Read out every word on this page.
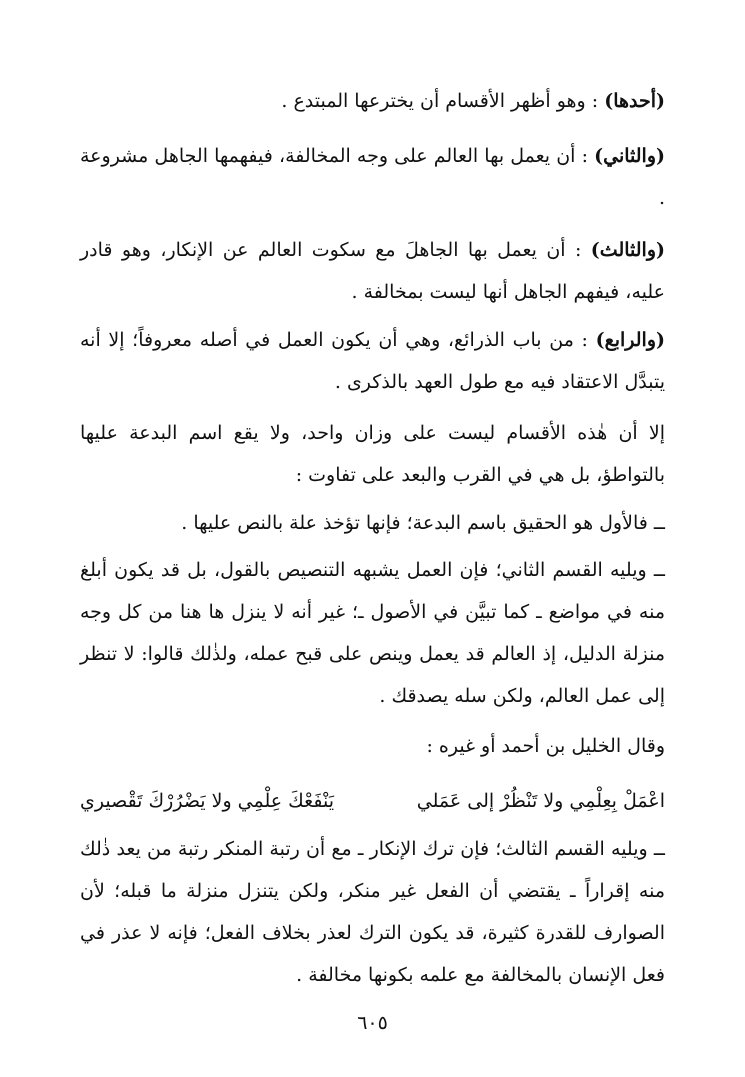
(أحدها) : وهو أظهر الأقسام أن يخترعها المبتدع .

(والثاني) : أن يعمل بها العالم على وجه المخالفة، فيفهمها الجاهل مشروعة .

(والثالث) : أن يعمل بها الجاهلَ مع سكوت العالم عن الإنكار، وهو قادر عليه، فيفهم الجاهل أنها ليست بمخالفة .

(والرابع) : من باب الذرائع، وهي أن يكون العمل في أصله معروفاً؛ إلا أنه يتبدَّل الاعتقاد فيه مع طول العهد بالذكرى .

إلا أن هٰذه الأقسام ليست على وزان واحد، ولا يقع اسم البدعة عليها بالتواطؤ، بل هي في القرب والبعد على تفاوت :

ــ فالأول هو الحقيق باسم البدعة؛ فإنها تؤخذ علة بالنص عليها .

ــ ويليه القسم الثاني؛ فإن العمل يشبهه التنصيص بالقول، بل قد يكون أبلغ منه في مواضع ـ كما تبيَّن في الأصول ـ؛ غير أنه لا ينزل ها هنا من كل وجه منزلة الدليل، إذ العالم قد يعمل وينص على قبح عمله، ولذٰلك قالوا: لا تنظر إلى عمل العالم، ولكن سله يصدقك .

وقال الخليل بن أحمد أو غيره :

اعْمَلْ بِعِلْمِي ولا تَنْظُرْ إلى عَمَلي
يَنْفَعْكَ عِلْمِي ولا يَضْرُرْكَ تَقْصيري

ــ ويليه القسم الثالث؛ فإن ترك الإنكار ـ مع أن رتبة المنكر رتبة من يعد ذٰلك منه إقراراً ـ يقتضي أن الفعل غير منكر، ولكن يتنزل منزلة ما قبله؛ لأن الصوارف للقدرة كثيرة، قد يكون الترك لعذر بخلاف الفعل؛ فإنه لا عذر في فعل الإنسان بالمخالفة مع علمه بكونها مخالفة .

٦٠٥
